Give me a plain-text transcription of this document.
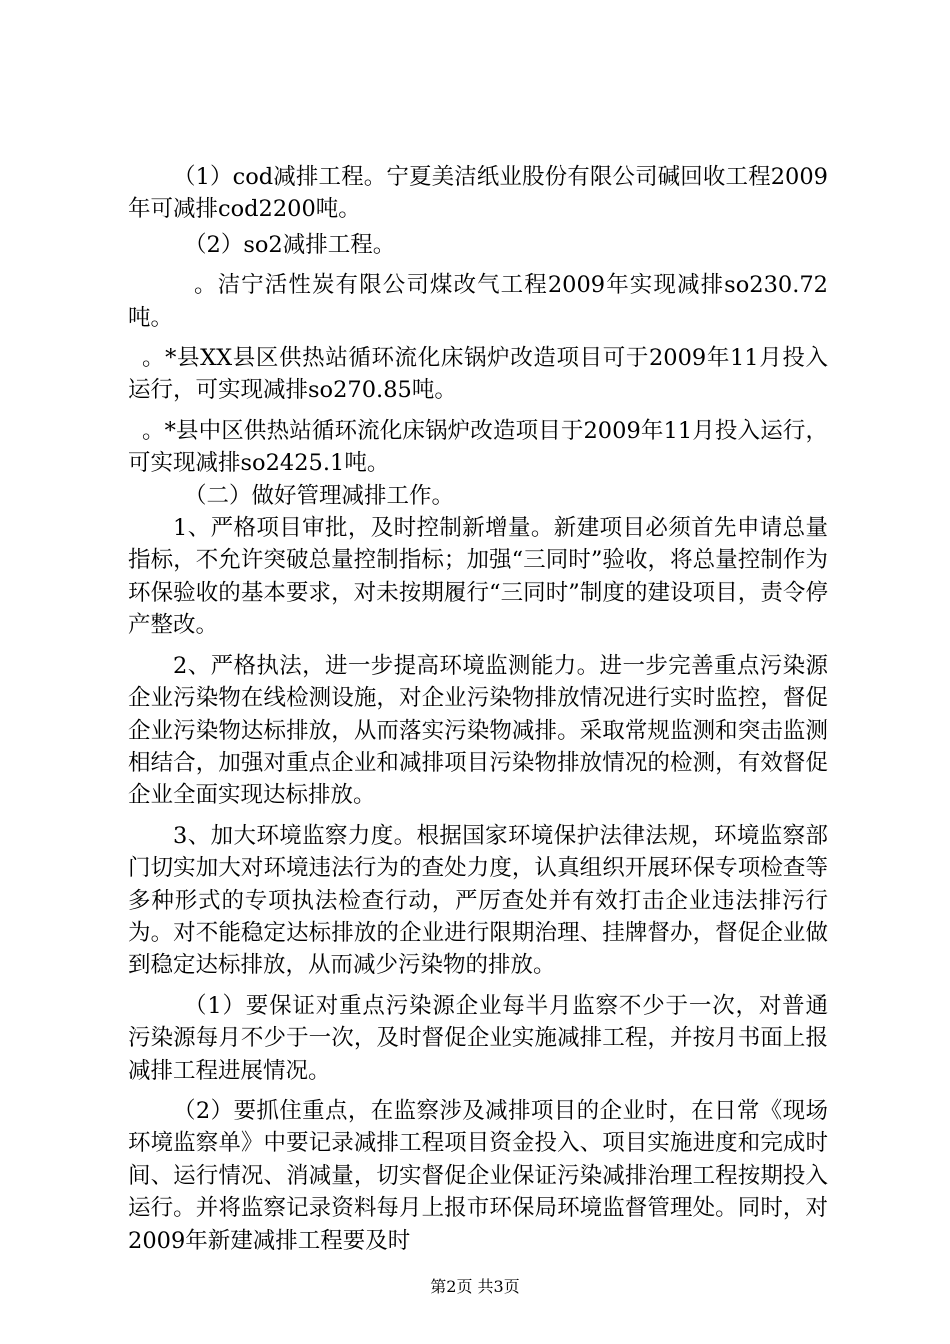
（1）cod减排工程。宁夏美洁纸业股份有限公司碱回收工程2009年可减排cod2200吨。

（2）so2减排工程。

。洁宁活性炭有限公司煤改气工程2009年实现减排so230.72吨。

。*县XX县区供热站循环流化床锅炉改造项目可于2009年11月投入运行，可实现减排so270.85吨。

。*县中区供热站循环流化床锅炉改造项目于2009年11月投入运行，可实现减排so2425.1吨。

（二）做好管理减排工作。

1、严格项目审批，及时控制新增量。新建项目必须首先申请总量指标，不允许突破总量控制指标；加强“三同时”验收，将总量控制作为环保验收的基本要求，对未按期履行“三同时”制度的建设项目，责令停产整改。

2、严格执法，进一步提高环境监测能力。进一步完善重点污染源企业污染物在线检测设施，对企业污染物排放情况进行实时监控，督促企业污染物达标排放，从而落实污染物减排。采取常规监测和突击监测相结合，加强对重点企业和减排项目污染物排放情况的检测，有效督促企业全面实现达标排放。

3、加大环境监察力度。根据国家环境保护法律法规，环境监察部门切实加大对环境违法行为的查处力度，认真组织开展环保专项检查等多种形式的专项执法检查行动，严厉查处并有效打击企业违法排污行为。对不能稳定达标排放的企业进行限期治理、挂牌督办，督促企业做到稳定达标排放，从而减少污染物的排放。

（1）要保证对重点污染源企业每半月监察不少于一次，对普通污染源每月不少于一次，及时督促企业实施减排工程，并按月书面上报减排工程进展情况。

（2）要抓住重点，在监察涉及减排项目的企业时，在日常《现场环境监察单》中要记录减排工程项目资金投入、项目实施进度和完成时间、运行情况、消减量，切实督促企业保证污染减排治理工程按期投入运行。并将监察记录资料每月上报市环保局环境监督管理处。同时，对2009年新建减排工程要及时

第2页 共3页
